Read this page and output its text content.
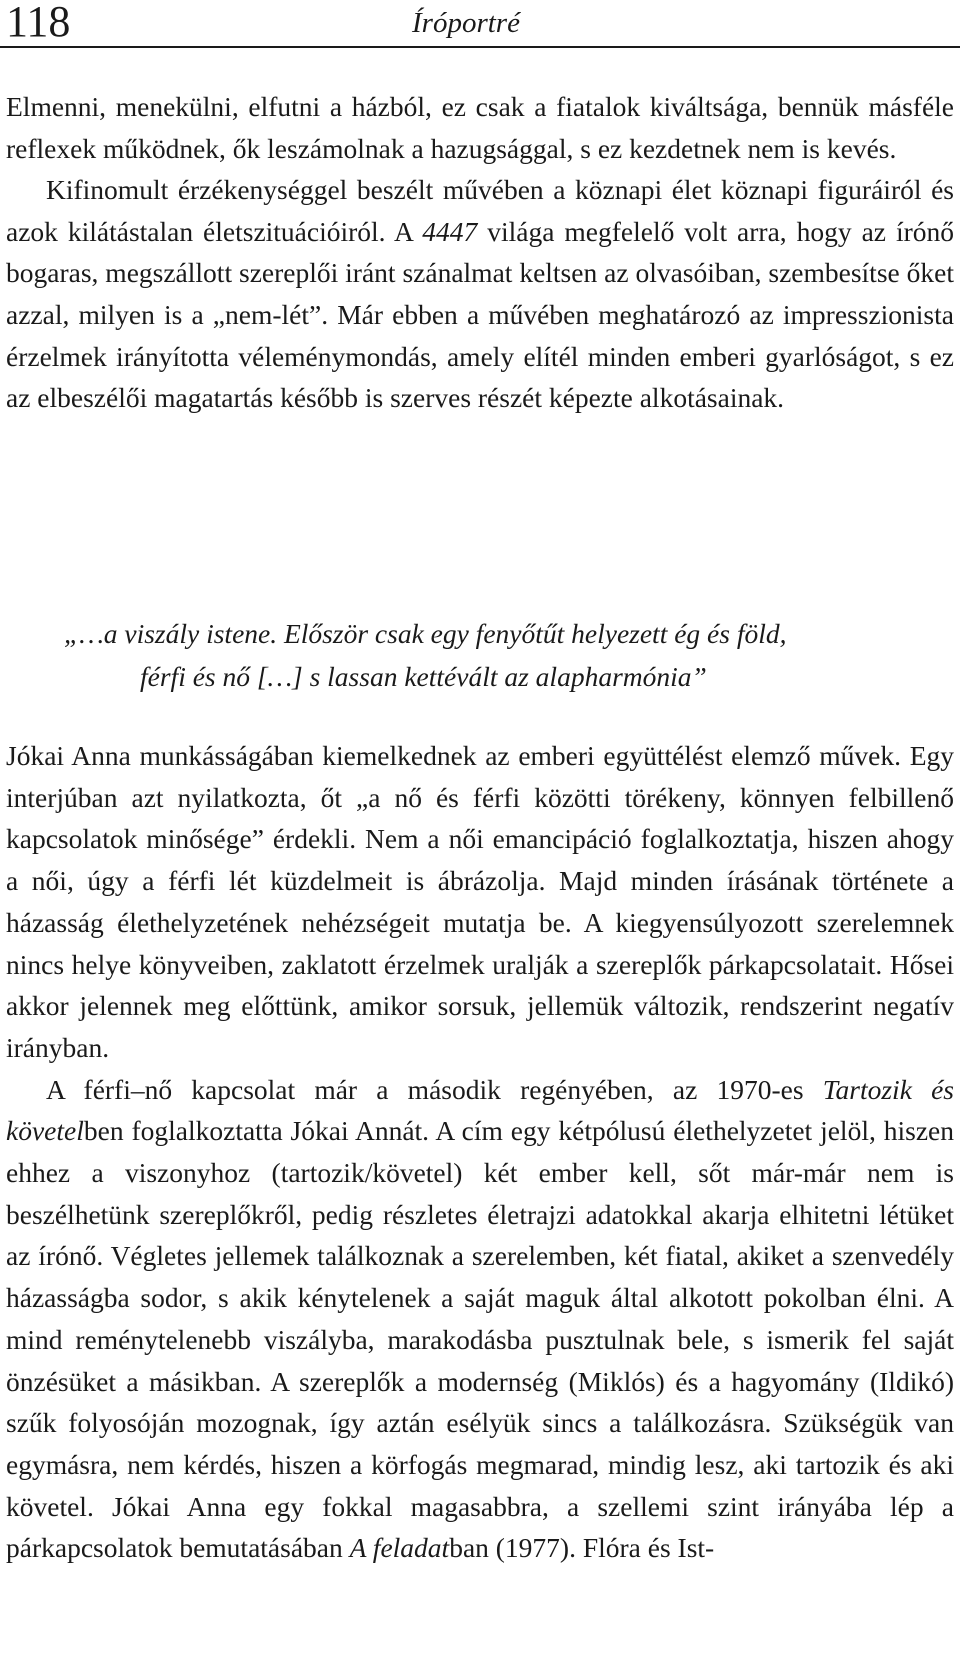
118	Íróportré

Elmenni, menekülni, elfutni a házból, ez csak a fiatalok kiváltsága, bennük másféle reflexek működnek, ők leszámolnak a hazugsággal, s ez kezdetnek nem is kevés.

Kifinomult érzékenységgel beszélt művében a köznapi élet köznapi figuráiról és azok kilátástalan életszituációiról. A 4447 világa megfelelő volt arra, hogy az írónő bogaras, megszállott szereplői iránt szánalmat keltsen az olvasóiban, szembesítse őket azzal, milyen is a „nem-lét”. Már ebben a művében meghatározó az impresszionista érzelmek irányította véleménymondás, amely elítél minden emberi gyarlóságot, s ez az elbeszélői magatartás később is szerves részét képezte alkotásainak.

„…a viszály istene. Először csak egy fenyőtűt helyezett ég és föld,
férfi és nő […] s lassan kettévált az alapharmónia”

Jókai Anna munkásságában kiemelkednek az emberi együttélést elemző művek. Egy interjúban azt nyilatkozta, őt „a nő és férfi közötti törékeny, könnyen felbillenő kapcsolatok minősége” érdekli. Nem a női emancipáció foglalkoztatja, hiszen ahogy a női, úgy a férfi lét küzdelmeit is ábrázolja. Majd minden írásának története a házasság élethelyzetének nehézségeit mutatja be. A kiegyensúlyozott szerelemnek nincs helye könyveiben, zaklatott érzelmek uralják a szereplők párkapcsolatait. Hősei akkor jelennek meg előttünk, amikor sorsuk, jellemük változik, rendszerint negatív irányban.

A férfi–nő kapcsolat már a második regényében, az 1970-es Tartozik és követelben foglalkoztatta Jókai Annát. A cím egy kétpólusú élethelyzetet jelöl, hiszen ehhez a viszonyhoz (tartozik/követel) két ember kell, sőt már-már nem is beszélhetünk szereplőkről, pedig részletes életrajzi adatokkal akarja elhitetni létüket az írónő. Végletes jellemek találkoznak a szerelemben, két fiatal, akiket a szenvedély házasságba sodor, s akik kénytelenek a saját maguk által alkotott pokolban élni. A mind reménytelenebb viszályba, marakodásba pusztulnak bele, s ismerik fel saját önzésüket a másikban. A szereplők a modernség (Miklós) és a hagyomány (Ildikó) szűk folyosóján mozognak, így aztán esélyük sincs a találkozásra. Szükségük van egymásra, nem kérdés, hiszen a körfogás megmarad, mindig lesz, aki tartozik és aki követel. Jókai Anna egy fokkal magasabbra, a szellemi szint irányába lép a párkapcsolatok bemutatásában A feladatban (1977). Flóra és Ist-
